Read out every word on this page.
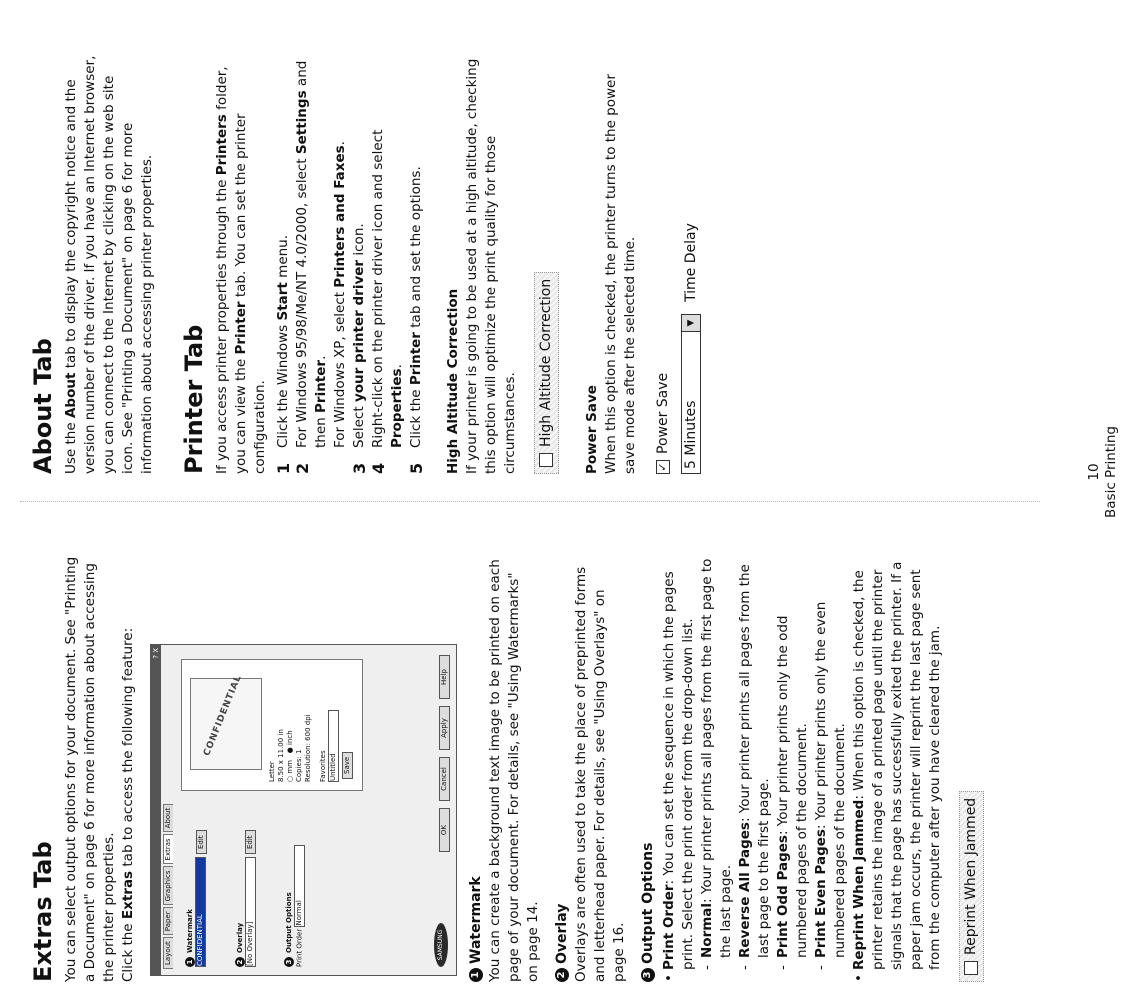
Extras Tab You can select output options for your document. See "Printing a Document" on page 6 for more information about accessing the printer properties. Click the Extras tab to access the following feature: ? X
Layout
Paper
Graphics
Extras
About
1Watermark CONFIDENTIALEdit
2Overlay [No Overlay]Edit
3Output Options Print Order Normal
CONFIDENTIAL
Letter 8.50 x 11.00 in ○ mm   ● inch
Copies: 1 Resolution: 600 dpi Favorites Untitled Save
SAMSUNG
OK
Cancel
Apply
Help
1Watermark You can create a background text image to be printed on each page of your document. For details, see "Using Watermarks" on page 14.	2Overlay Overlays are often used to take the place of preprinted forms and letterhead paper. For details, see "Using Overlays" on page 16.	3Output Options • Print Order: You can set the sequence in which the pages print. Select the print order from the drop-down list. - Normal: Your printer prints all pages from the first page to the last page. - Reverse All Pages: Your printer prints all pages from the last page to the first page. - Print Odd Pages: Your printer prints only the odd numbered pages of the document. - Print Even Pages: Your printer prints only the even numbered pages of the document. • Reprint When Jammed: When this option is checked, the printer retains the image of a printed page until the printer signals that the page has successfully exited the printer. If a paper jam occurs, the printer will reprint the last page sent from the computer after you have cleared the jam. Reprint When Jammed
About Tab Use the About tab to display the copyright notice and the version number of the driver. If you have an Internet browser, you can connect to the Internet by clicking on the web site icon. See "Printing a Document" on page 6 for more information about accessing printer properties. Printer Tab If you access printer properties through the Printers folder, you can view the Printer tab. You can set the printer configuration. 1
Click the Windows Start menu.
2
For Windows 95/98/Me/NT 4.0/2000, select Settings and then Printer. For Windows XP, select Printers and Faxes.
3
Select your printer driver icon.
4
Right-click on the printer driver icon and select Properties.
5
Click the Printer tab and set the options.
High Altitude Correction If your printer is going to be used at a high altitude, checking this option will optimize the print quality for those circumstances. High Altitude Correction Power Save When this option is checked, the printer turns to the power save mode after the selected time. ✓Power Save 5 Minutes
▼
Time Delay
10 Basic Printing
